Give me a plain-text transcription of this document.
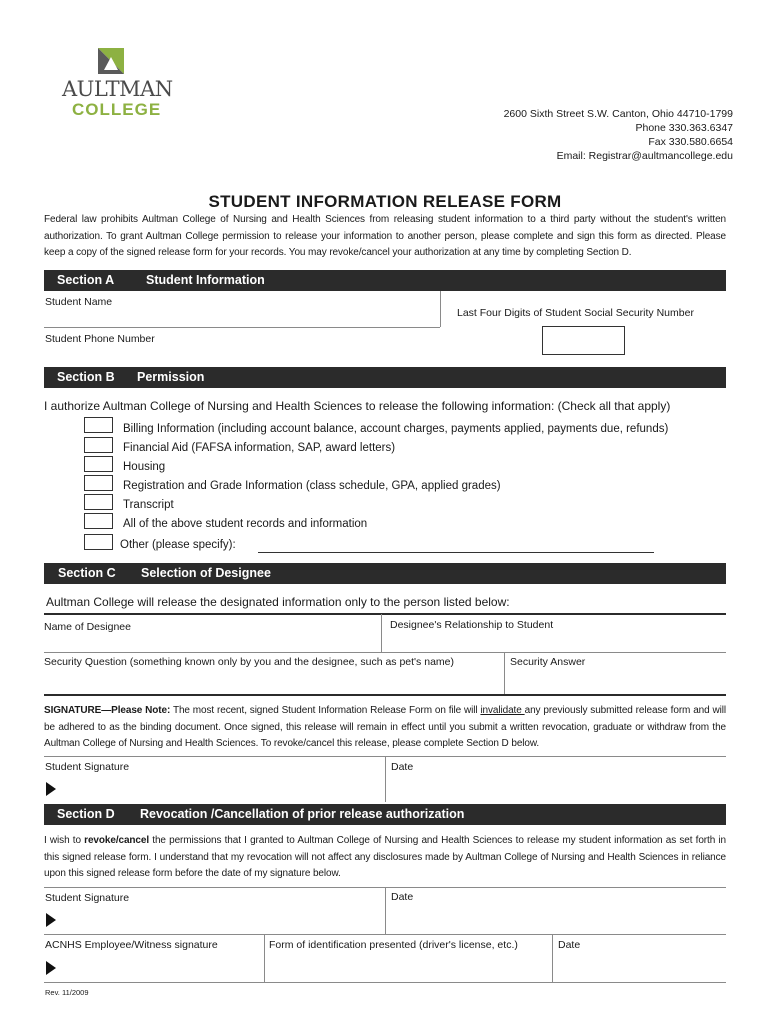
AULTMAN
COLLEGE	2600 Sixth Street S.W. Canton, Ohio 44710-1799
Phone 330.363.6347
Fax 330.580.6654
Email: Registrar@aultmancollege.edu
STUDENT INFORMATION RELEASE FORM
Federal law prohibits Aultman College of Nursing and Health Sciences from releasing student information to a third party without the student's written authorization. To grant Aultman College permission to release your information to another person, please complete and sign this form as directed. Please keep a copy of the signed release form for your records. You may revoke/cancel your authorization at any time by completing Section D.
Section A	Student Information
Student Name
Last Four Digits of Student Social Security Number
Student Phone Number
Section B Permission
I authorize Aultman College of Nursing and Health Sciences to release the following information: (Check all that apply)
Billing Information (including account balance, account charges, payments applied, payments due, refunds)
Financial Aid (FAFSA information, SAP, award letters)
Housing
Registration and Grade Information (class schedule, GPA, applied grades)
Transcript
All of the above student records and information
Other (please specify):
Section C Selection of Designee
Aultman College will release the designated information only to the person listed below:
Name of Designee	Designee's Relationship to Student
Security Question (something known only by you and the designee, such as pet's name)	Security Answer
SIGNATURE—Please Note: The most recent, signed Student Information Release Form on file will invalidate any previously submitted release form and will be adhered to as the binding document. Once signed, this release will remain in effect until you submit a written revocation, graduate or withdraw from the Aultman College of Nursing and Health Sciences. To revoke/cancel this release, please complete Section D below.
Student Signature	Date
Section D Revocation /Cancellation of prior release authorization
I wish to revoke/cancel the permissions that I granted to Aultman College of Nursing and Health Sciences to release my student information as set forth in this signed release form. I understand that my revocation will not affect any disclosures made by Aultman College of Nursing and Health Sciences in reliance upon this signed release form before the date of my signature below.
Student Signature	Date
ACNHS Employee/Witness signature	Form of identification presented (driver's license, etc.)	Date
Rev. 11/2009
